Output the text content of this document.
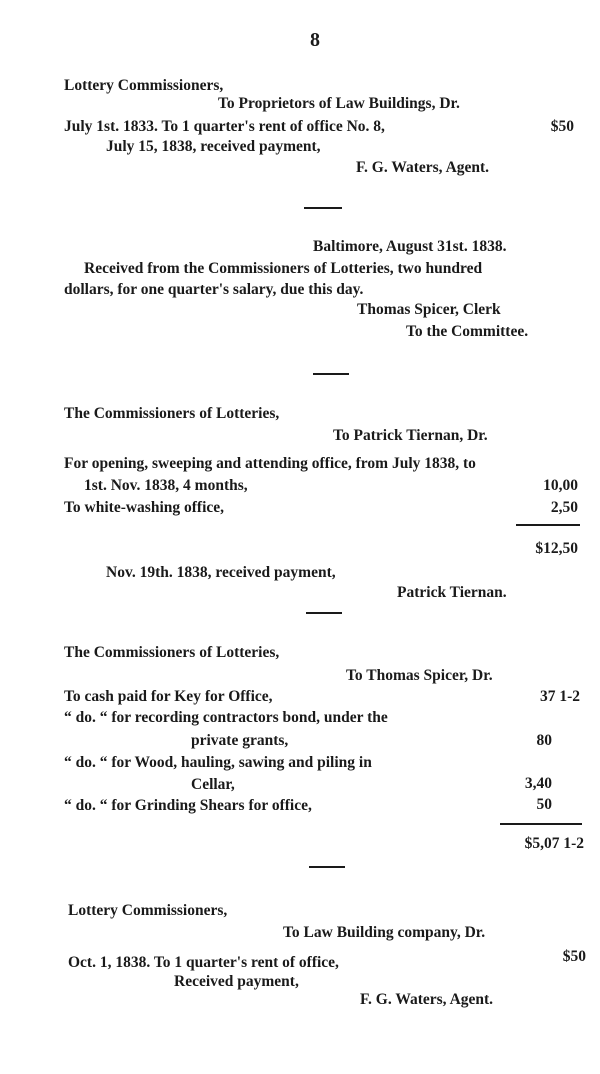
8
Lottery Commissioners,
To Proprietors of Law Buildings, Dr.
July 1st. 1833. To 1 quarter's rent of office No. 8,	$50
July 15, 1838, received payment,
F. G. Waters, Agent.
Baltimore, August 31st. 1838.
Received from the Commissioners of Lotteries, two hundred
dollars, for one quarter's salary, due this day.
Thomas Spicer, Clerk
To the Committee.
The Commissioners of Lotteries,
To Patrick Tiernan, Dr.
For opening, sweeping and attending office, from July 1838, to
1st. Nov. 1838, 4 months,	10,00
To white-washing office,	2,50
$12,50
Nov. 19th. 1838, received payment,
Patrick Tiernan.
The Commissioners of Lotteries,
To Thomas Spicer, Dr.
To cash paid for Key for Office,	37 1-2
“ do. “ for recording contractors bond, under the
private grants,	80
“ do. “ for Wood, hauling, sawing and piling in
Cellar,	3,40
“ do. “ for Grinding Shears for office,	50
$5,07 1-2
Lottery Commissioners,
To Law Building company, Dr.
Oct. 1, 1838. To 1 quarter's rent of office,	$50
Received payment,
F. G. Waters, Agent.
